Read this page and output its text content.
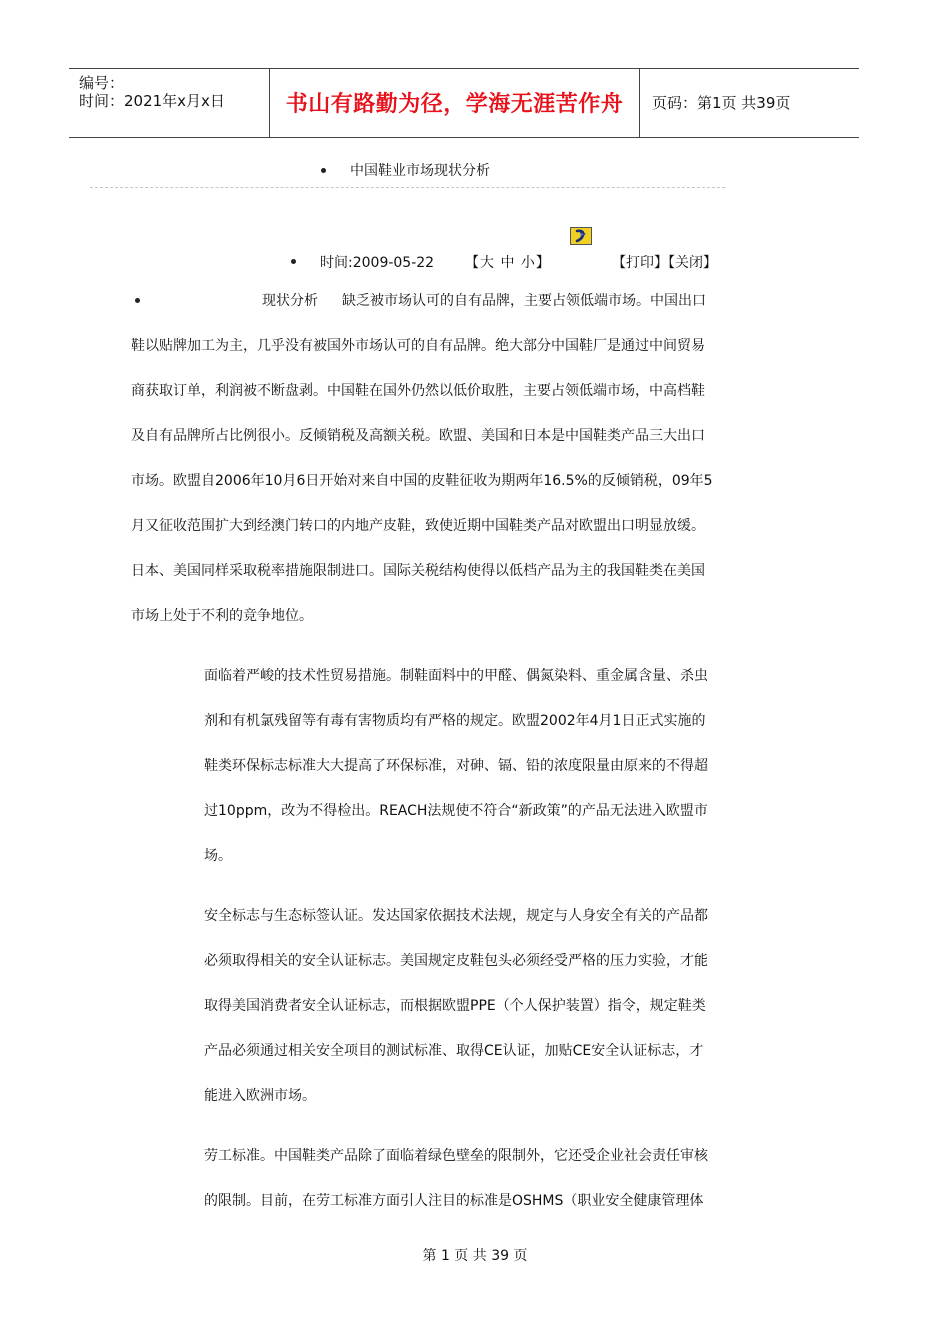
编号：
时间：2021年x月x日	书山有路勤为径，学海无涯苦作舟	页码：第1页 共39页
中国鞋业市场现状分析
时间:2009-05-22 【大 中 小】	【打印】【关闭】
现状分析 缺乏被市场认可的自有品牌，主要占领低端市场。中国出口
鞋以贴牌加工为主，几乎没有被国外市场认可的自有品牌。绝大部分中国鞋厂是通过中间贸易
商获取订单，利润被不断盘剥。中国鞋在国外仍然以低价取胜，主要占领低端市场，中高档鞋
及自有品牌所占比例很小。反倾销税及高额关税。欧盟、美国和日本是中国鞋类产品三大出口
市场。欧盟自2006年10月6日开始对来自中国的皮鞋征收为期两年16.5%的反倾销税，09年5
月又征收范围扩大到经澳门转口的内地产皮鞋，致使近期中国鞋类产品对欧盟出口明显放缓。
日本、美国同样采取税率措施限制进口。国际关税结构使得以低档产品为主的我国鞋类在美国
市场上处于不利的竞争地位。
面临着严峻的技术性贸易措施。制鞋面料中的甲醛、偶氮染料、重金属含量、杀虫
剂和有机氯残留等有毒有害物质均有严格的规定。欧盟2002年4月1日正式实施的
鞋类环保标志标准大大提高了环保标准，对砷、镉、铅的浓度限量由原来的不得超
过10ppm，改为不得检出。REACH法规使不符合“新政策”的产品无法进入欧盟市
场。
安全标志与生态标签认证。发达国家依据技术法规，规定与人身安全有关的产品都
必须取得相关的安全认证标志。美国规定皮鞋包头必须经受严格的压力实验，才能
取得美国消费者安全认证标志，而根据欧盟PPE（个人保护装置）指令，规定鞋类
产品必须通过相关安全项目的测试标准、取得CE认证，加贴CE安全认证标志，才
能进入欧洲市场。
劳工标准。中国鞋类产品除了面临着绿色壁垒的限制外，它还受企业社会责任审核
的限制。目前，在劳工标准方面引人注目的标准是OSHMS（职业安全健康管理体
第 1 页 共 39 页
